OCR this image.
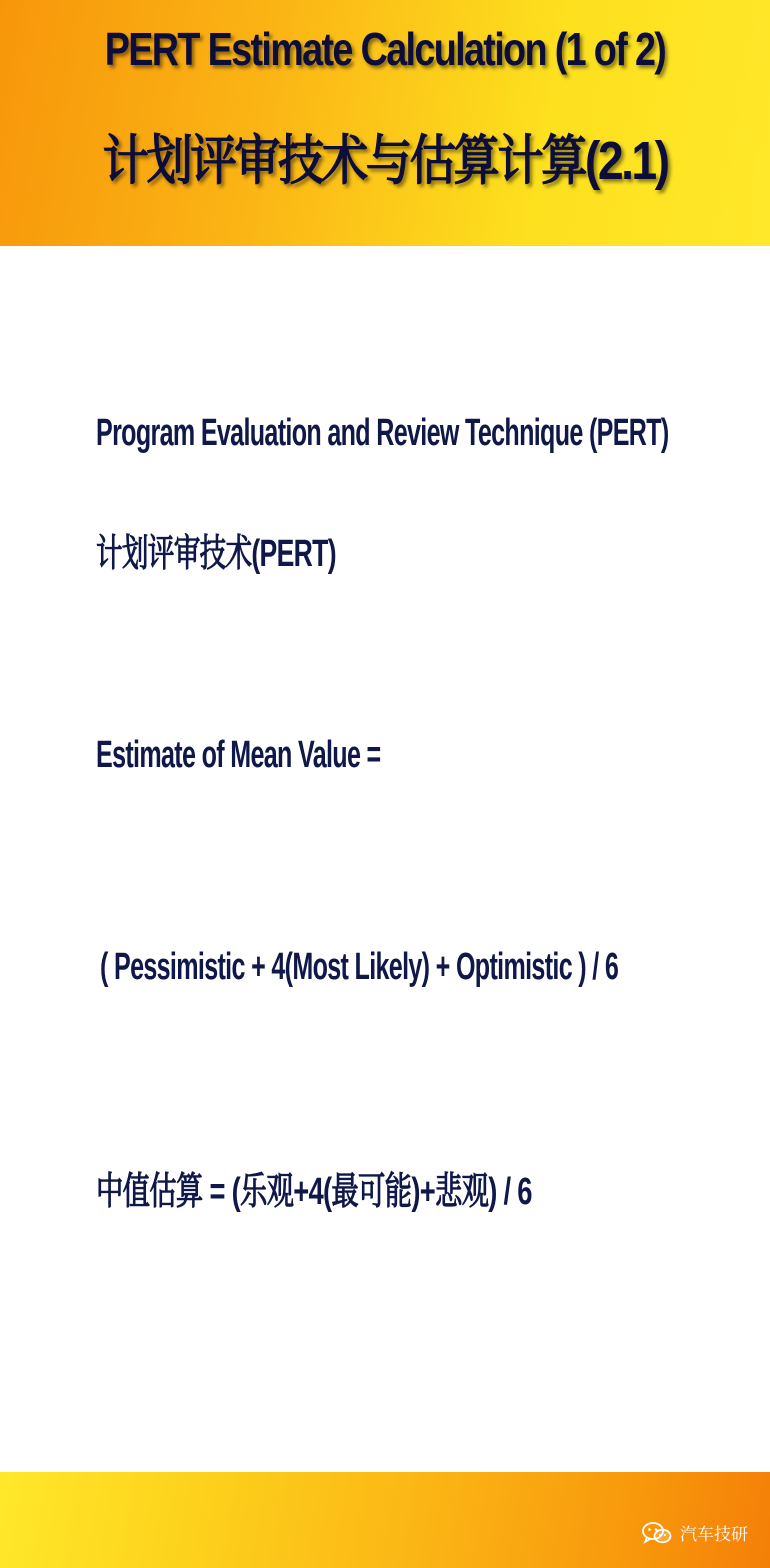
PERT Estimate Calculation (1 of 2)
计划评审技术与估算计算(2.1)

Program Evaluation and Review Technique (PERT)

计划评审技术(PERT)

Estimate of Mean Value =

( Pessimistic + 4(Most Likely) + Optimistic ) / 6

中值估算 = (乐观+4(最可能)+悲观) / 6

汽车技研
